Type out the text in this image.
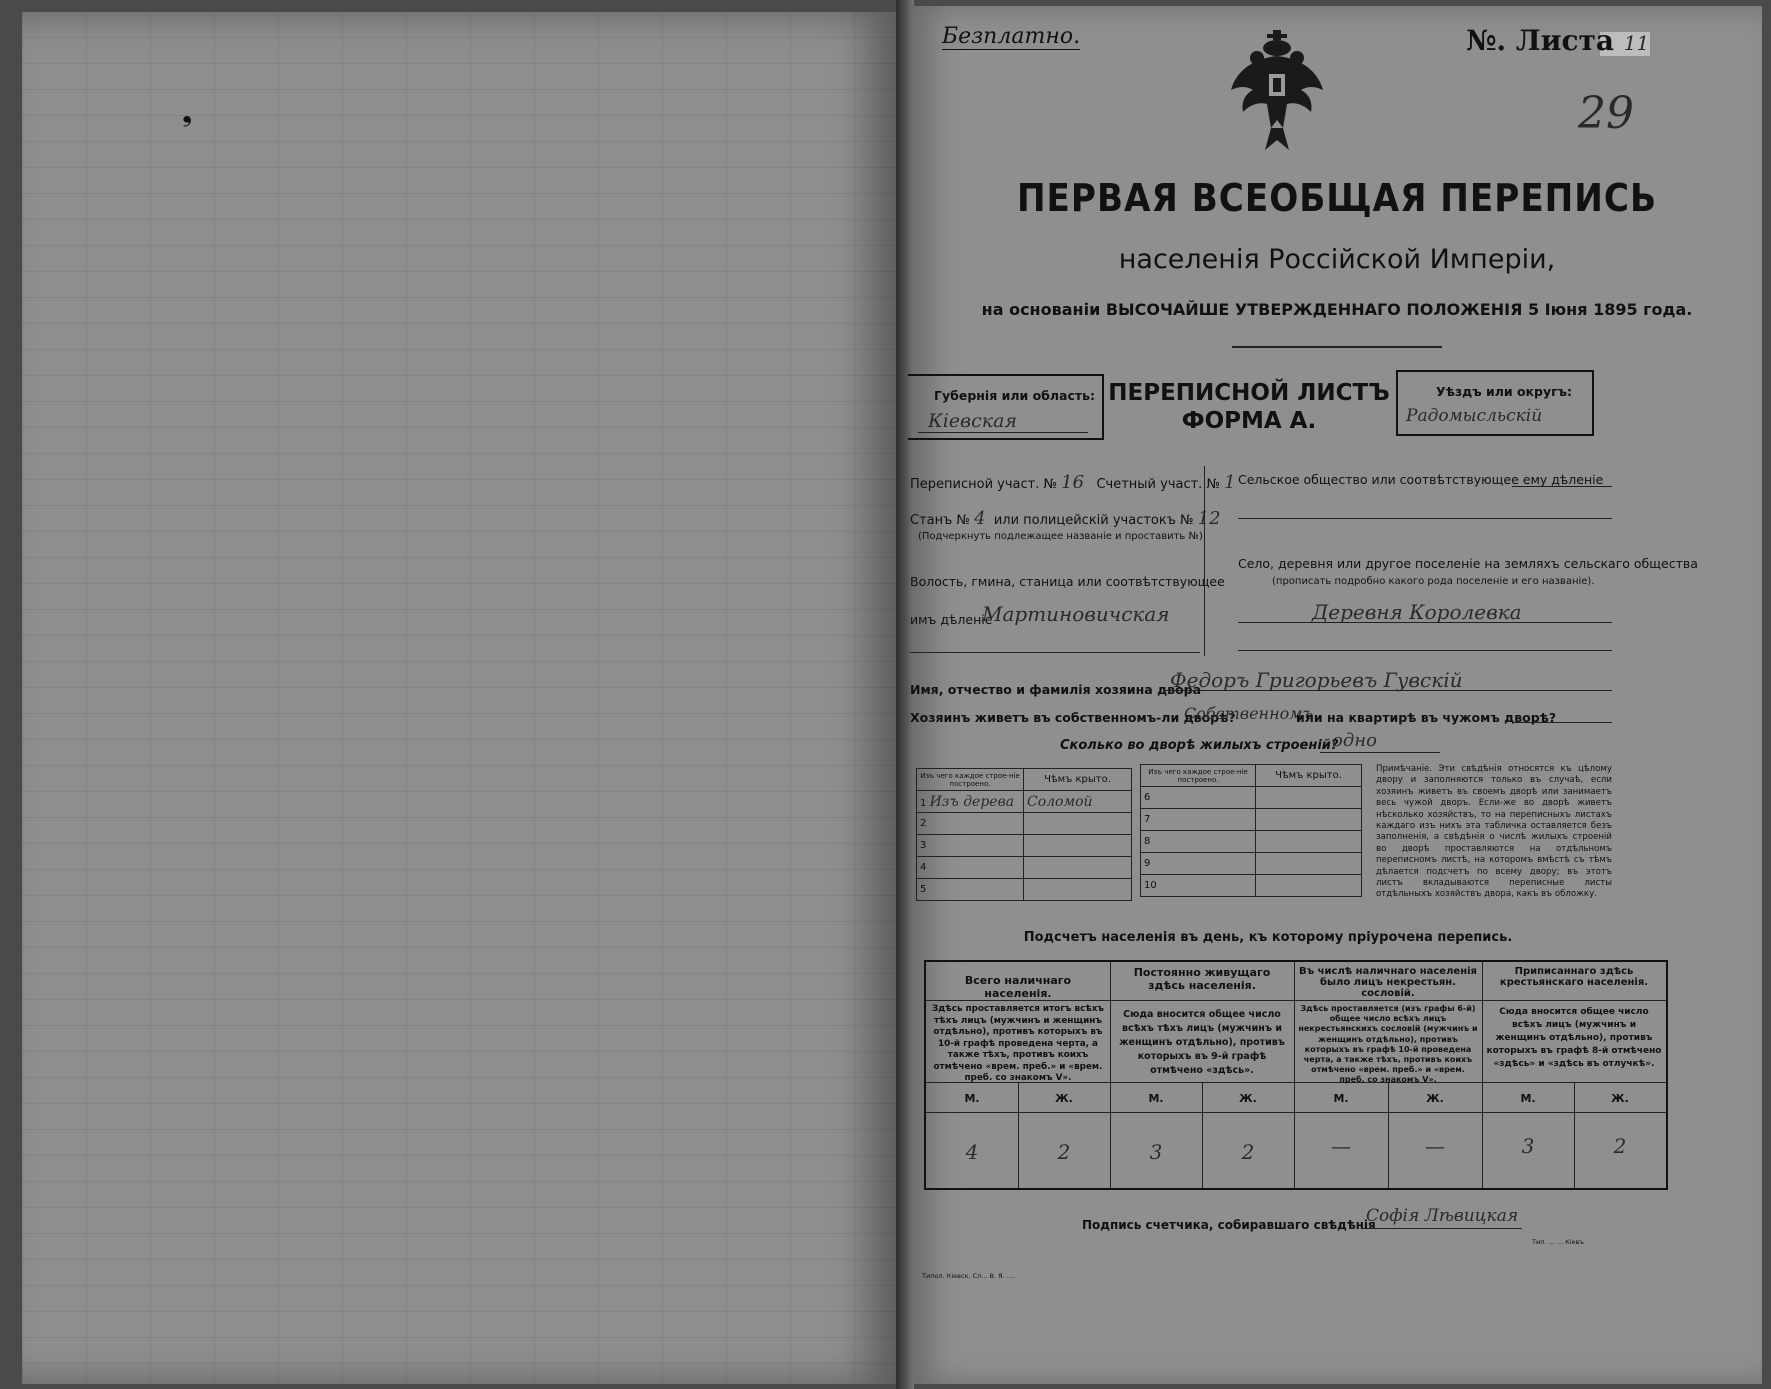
❟
Безплатно.	№. Листа 11
29
ПЕРВАЯ ВСЕОБЩАЯ ПЕРЕПИСЬ
населенія Россійской Имперіи,
на основаніи ВЫСОЧАЙШЕ УТВЕРЖДЕННАГО ПОЛОЖЕНІЯ 5 Іюня 1895 года.
Губернія или область:
Кіевская
ПЕРЕПИСНОЙ ЛИСТЪ
ФОРМА А.
Уѣздъ или округъ:
Радомысльскій
Переписной участ. № 16 Счетный участ. № 1
Станъ № 4 или полицейскій участокъ № 12
(Подчеркнуть подлежащее названіе и проставить №).
Волость, гмина, станица или соотвѣтствующее
имъ дѣленіе
Мартиновичская
Сельское общество или соотвѣтствующее ему дѣленіе
Село, деревня или другое поселеніе на земляхъ сельскаго общества
(прописать подробно какого рода поселеніе и его названіе).
Деревня Королевка
Имя, отчество и фамилія хозяина двора
Федоръ Григорьевъ Гувскій
Хозяинъ живетъ въ собственномъ-ли дворѣ?
Собственномъ
или на квартирѣ въ чужомъ дворѣ?
Сколько во дворѣ жилыхъ строеній?
одно
Изъ чего каждое строе-ніе построено.	Чѣмъ крыто.
1 Изъ дерева	Соломой
2	
3	
4	
5	
Изъ чего каждое строе-ніе построено.	Чѣмъ крыто.
6	
7	
8	
9	
10	
Примѣчаніе. Эти свѣдѣнія относятся къ цѣлому двору и заполняются только въ случаѣ, если хозяинъ живетъ въ своемъ дворѣ или занимаетъ весь чужой дворъ. Если-же во дворѣ живетъ нѣсколько хозяйствъ, то на переписныхъ листахъ каждаго изъ нихъ эта табличка оставляется безъ заполненія, а свѣдѣнія о числѣ жилыхъ строеній во дворѣ проставляются на отдѣльномъ переписномъ листѣ, на которомъ вмѣстѣ съ тѣмъ дѣлается подсчетъ по всему двору; въ этотъ листъ вкладываются переписные листы отдѣльныхъ хозяйствъ двора, какъ въ обложку.
Подсчетъ населенія въ день, къ которому пріурочена перепись.
Всего наличнаго населенія.
Постоянно живущаго здѣсь населенія.
Въ числѣ наличнаго населенія было лицъ некрестьян. сословій.
Приписаннаго здѣсь крестьянскаго населенія.
Здѣсь проставляется итогъ всѣхъ тѣхъ лицъ (мужчинъ и женщинъ отдѣльно), противъ которыхъ въ 10-й графѣ проведена черта, а также тѣхъ, противъ коихъ отмѣчено «врем. преб.» и «врем. преб. со знакомъ V».
Сюда вносится общее число всѣхъ тѣхъ лицъ (мужчинъ и женщинъ отдѣльно), противъ которыхъ въ 9-й графѣ отмѣчено «здѣсь».
Здѣсь проставляется (изъ графы 6-й) общее число всѣхъ лицъ некрестьянскихъ сословій (мужчинъ и женщинъ отдѣльно), противъ которыхъ въ графѣ 10-й проведена черта, а также тѣхъ, противъ коихъ отмѣчено «врем. преб.» и «врем. преб. со знакомъ V».
Сюда вносится общее число всѣхъ лицъ (мужчинъ и женщинъ отдѣльно), противъ которыхъ въ графѣ 8-й отмѣчено «здѣсь» и «здѣсь въ отлучкѣ».
М.	Ж.	М.	Ж.	М.	Ж.	М.	Ж.
4	2	3	2	—	—	3	2
Подпись счетчика, собиравшаго свѣдѣнія
Софія Лѣвицкая
Типол. Кіевск. Сл... В. Я. ....
Тип. ... ... Кіевъ
